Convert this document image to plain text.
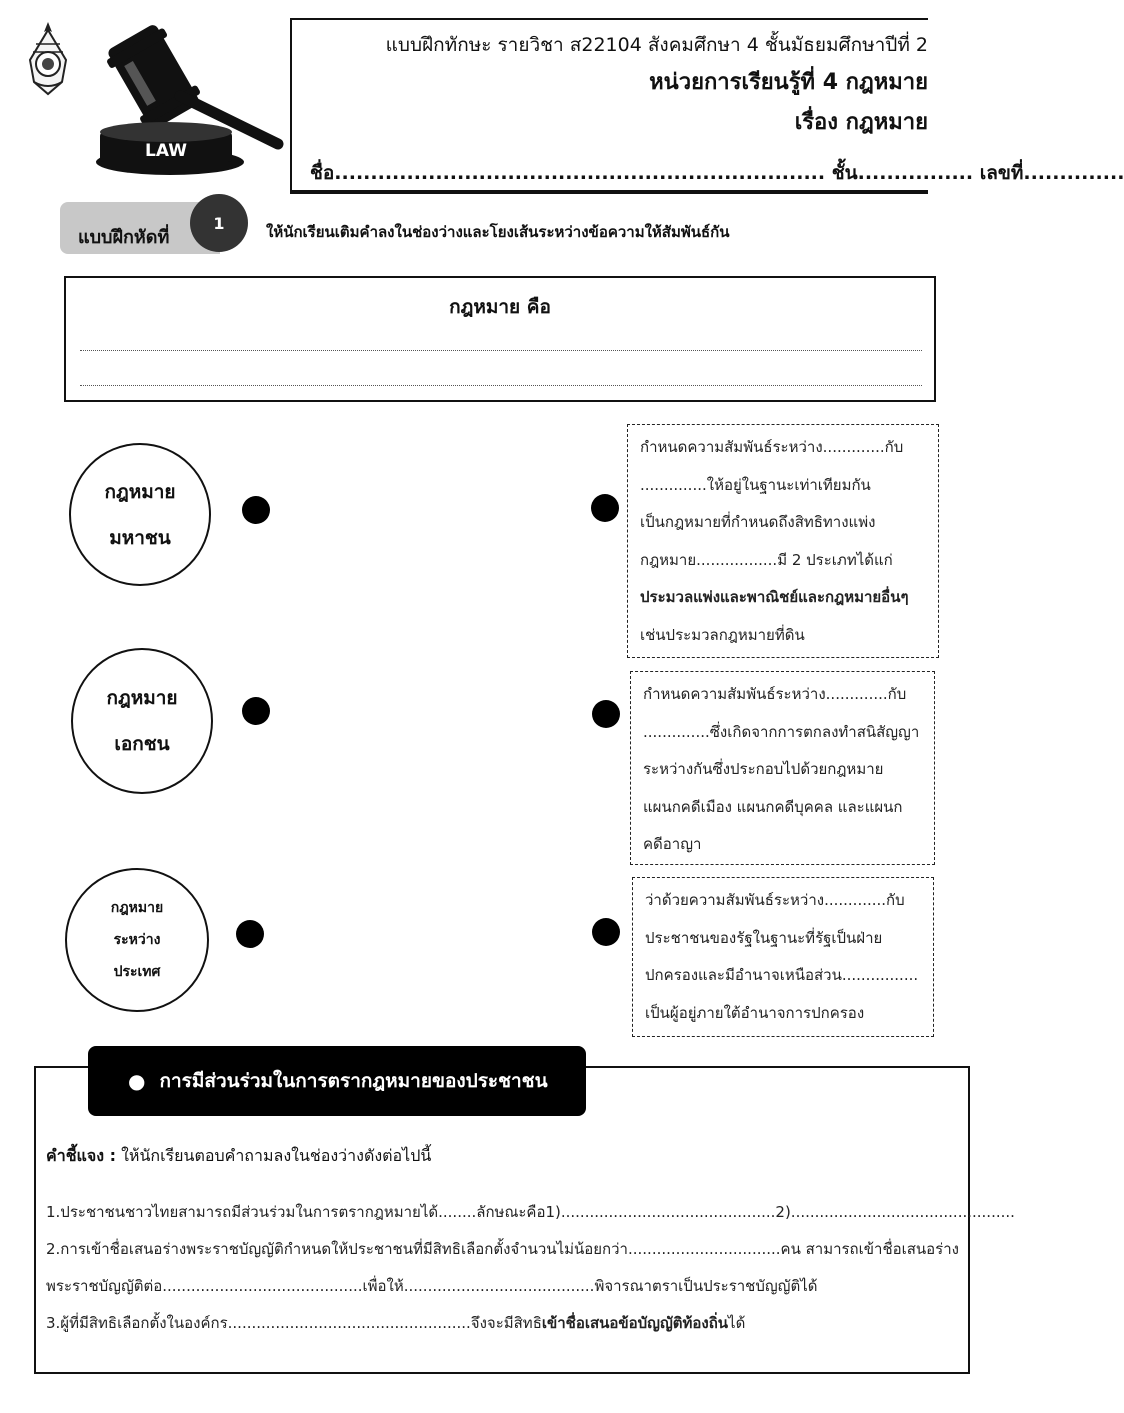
LAW
แบบฝึกทักษะ รายวิชา ส22104 สังคมศึกษา 4 ชั้นมัธยมศึกษาปีที่ 2
หน่วยการเรียนรู้ที่ 4 กฎหมาย
เรื่อง กฎหมาย
ชื่อ.................................................................... ชั้น................ เลขที่..............
แบบฝึกหัดที่
1	ให้นักเรียนเติมคำลงในช่องว่างและโยงเส้นระหว่างข้อความให้สัมพันธ์กัน
กฎหมาย คือ
กฎหมาย
มหาชน
กฎหมาย
เอกชน
กฎหมาย
ระหว่าง
ประเทศ
กำหนดความสัมพันธ์ระหว่าง.............กับ
..............ให้อยู่ในฐานะเท่าเทียมกัน
เป็นกฎหมายที่กำหนดถึงสิทธิทางแพ่ง
กฎหมาย.................มี 2 ประเภทได้แก่
ประมวลแพ่งและพาณิชย์และกฎหมายอื่นๆ
เช่นประมวลกฎหมายที่ดิน
กำหนดความสัมพันธ์ระหว่าง.............กับ
..............ซึ่งเกิดจากการตกลงทำสนิสัญญา
ระหว่างกันซึ่งประกอบไปด้วยกฎหมาย
แผนกคดีเมือง แผนกคดีบุคคล และแผนก
คดีอาญา
ว่าด้วยความสัมพันธ์ระหว่าง.............กับ
ประชาชนของรัฐในฐานะที่รัฐเป็นฝ่าย
ปกครองและมีอำนาจเหนือส่วน................
เป็นผู้อยู่ภายใต้อำนาจการปกครอง
● การมีส่วนร่วมในการตรากฎหมายของประชาชน
คำชี้แจง : ให้นักเรียนตอบคำถามลงในช่องว่างดังต่อไปนี้
1.ประชาชนชาวไทยสามารถมีส่วนร่วมในการตรากฎหมายได้........ลักษณะคือ1).............................................2)...............................................
2.การเข้าชื่อเสนอร่างพระราชบัญญัติกำหนดให้ประชาชนที่มีสิทธิเลือกตั้งจำนวนไม่น้อยกว่า................................คน สามารถเข้าชื่อเสนอร่าง
พระราชบัญญัติต่อ..........................................เพื่อให้........................................พิจารณาตราเป็นประราชบัญญัติได้
3.ผู้ที่มีสิทธิเลือกตั้งในองค์กร...................................................จึงจะมีสิทธิเข้าชื่อเสนอข้อบัญญัติท้องถิ่นได้
